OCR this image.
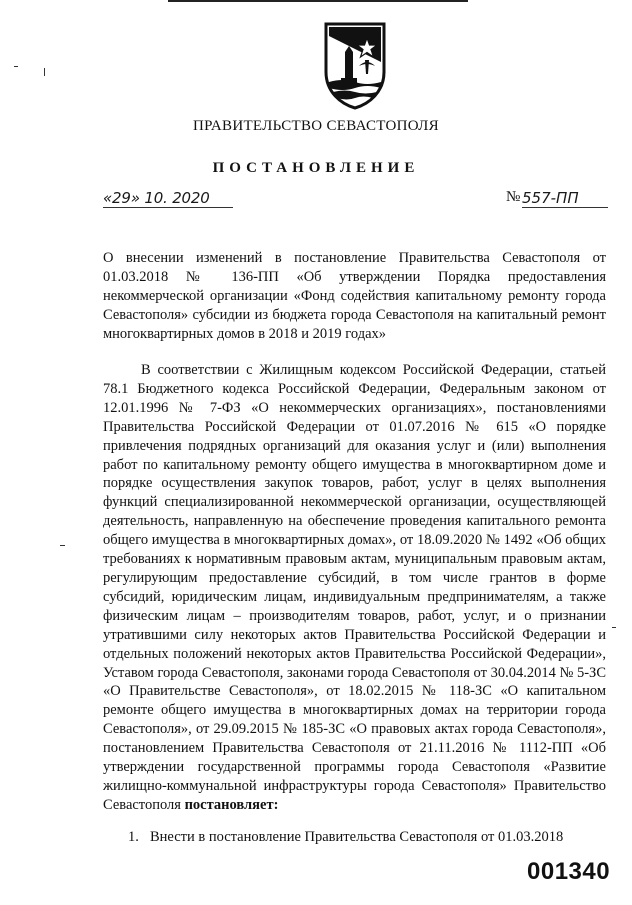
ПРАВИТЕЛЬСТВО СЕВАСТОПОЛЯ
ПОСТАНОВЛЕНИЕ
«29» 10. 2020	№ 557-ПП
О внесении изменений в постановление Правительства Севастополя от 01.03.2018 № 136-ПП «Об утверждении Порядка предоставления некоммерческой организации «Фонд содействия капитальному ремонту города Севастополя» субсидии из бюджета города Севастополя на капитальный ремонт многоквартирных домов в 2018 и 2019 годах»
В соответствии с Жилищным кодексом Российской Федерации, статьей 78.1 Бюджетного кодекса Российской Федерации, Федеральным законом от 12.01.1996 № 7-ФЗ «О некоммерческих организациях», постановлениями Правительства Российской Федерации от 01.07.2016 № 615 «О порядке привлечения подрядных организаций для оказания услуг и (или) выполнения работ по капитальному ремонту общего имущества в многоквартирном доме и порядке осуществления закупок товаров, работ, услуг в целях выполнения функций специализированной некоммерческой организации, осуществляющей деятельность, направленную на обеспечение проведения капитального ремонта общего имущества в многоквартирных домах», от 18.09.2020 № 1492 «Об общих требованиях к нормативным правовым актам, муниципальным правовым актам, регулирующим предоставление субсидий, в том числе грантов в форме субсидий, юридическим лицам, индивидуальным предпринимателям, а также физическим лицам – производителям товаров, работ, услуг, и о признании утратившими силу некоторых актов Правительства Российской Федерации и отдельных положений некоторых актов Правительства Российской Федерации», Уставом города Севастополя, законами города Севастополя от 30.04.2014 № 5-ЗС «О Правительстве Севастополя», от 18.02.2015 № 118-ЗС «О капитальном ремонте общего имущества в многоквартирных домах на территории города Севастополя», от 29.09.2015 № 185-ЗС «О правовых актах города Севастополя», постановлением Правительства Севастополя от 21.11.2016 № 1112-ПП «Об утверждении государственной программы города Севастополя «Развитие жилищно-коммунальной инфраструктуры города Севастополя» Правительство Севастополя постановляет:
1. Внести в постановление Правительства Севастополя от 01.03.2018
001340
